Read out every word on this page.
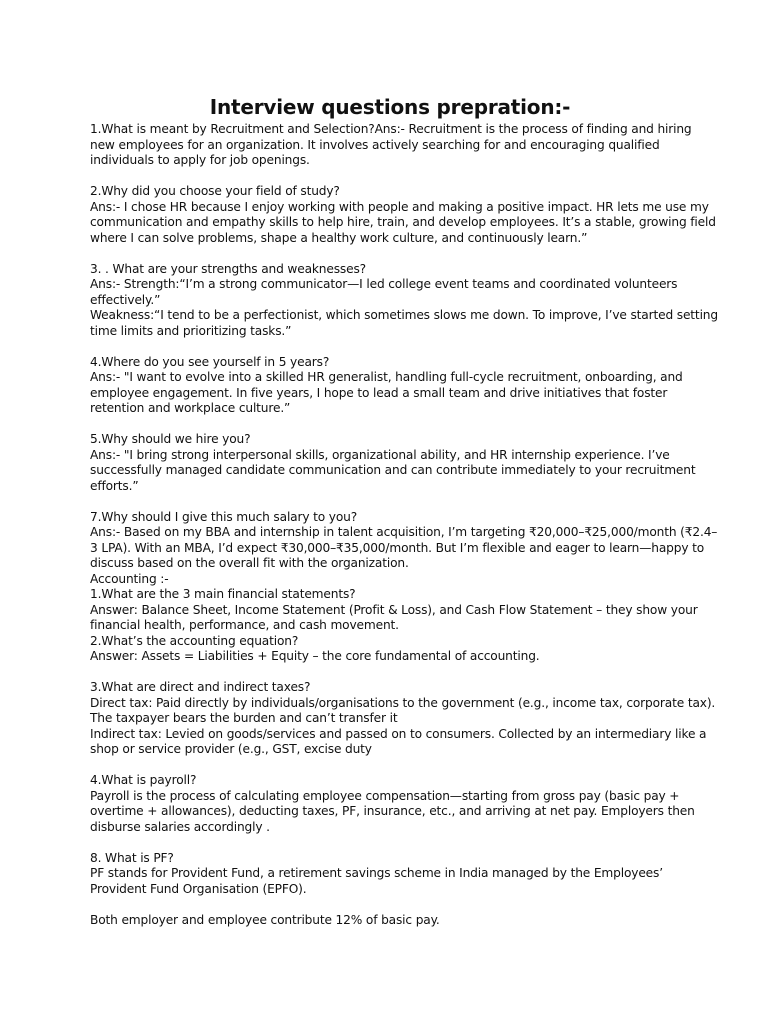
Interview questions prepration:-
1.What is meant by Recruitment and Selection?Ans:- Recruitment is the process of finding and hiring
new employees for an organization. It involves actively searching for and encouraging qualified
individuals to apply for job openings.
2.Why did you choose your field of study?
Ans:- I chose HR because I enjoy working with people and making a positive impact. HR lets me use my
communication and empathy skills to help hire, train, and develop employees. It’s a stable, growing field
where I can solve problems, shape a healthy work culture, and continuously learn.”
3. . What are your strengths and weaknesses?
Ans:- Strength:“I’m a strong communicator—I led college event teams and coordinated volunteers
effectively.”
Weakness:“I tend to be a perfectionist, which sometimes slows me down. To improve, I’ve started setting
time limits and prioritizing tasks.”
4.Where do you see yourself in 5 years?
Ans:- "I want to evolve into a skilled HR generalist, handling full-cycle recruitment, onboarding, and
employee engagement. In five years, I hope to lead a small team and drive initiatives that foster
retention and workplace culture.”
5.Why should we hire you?
Ans:- "I bring strong interpersonal skills, organizational ability, and HR internship experience. I’ve
successfully managed candidate communication and can contribute immediately to your recruitment
efforts.”
7.Why should I give this much salary to you?
Ans:- Based on my BBA and internship in talent acquisition, I’m targeting ₹20,000–₹25,000/month (₹2.4–
3 LPA). With an MBA, I’d expect ₹30,000–₹35,000/month. But I’m flexible and eager to learn—happy to
discuss based on the overall fit with the organization.
Accounting :-
1.What are the 3 main financial statements?
Answer: Balance Sheet, Income Statement (Profit & Loss), and Cash Flow Statement – they show your
financial health, performance, and cash movement.
2.What’s the accounting equation?
Answer: Assets = Liabilities + Equity – the core fundamental of accounting.
3.What are direct and indirect taxes?
Direct tax: Paid directly by individuals/organisations to the government (e.g., income tax, corporate tax).
The taxpayer bears the burden and can’t transfer it
Indirect tax: Levied on goods/services and passed on to consumers. Collected by an intermediary like a
shop or service provider (e.g., GST, excise duty
4.What is payroll?
Payroll is the process of calculating employee compensation—starting from gross pay (basic pay +
overtime + allowances), deducting taxes, PF, insurance, etc., and arriving at net pay. Employers then
disburse salaries accordingly .
8. What is PF?
PF stands for Provident Fund, a retirement savings scheme in India managed by the Employees’
Provident Fund Organisation (EPFO).
Both employer and employee contribute 12% of basic pay.
